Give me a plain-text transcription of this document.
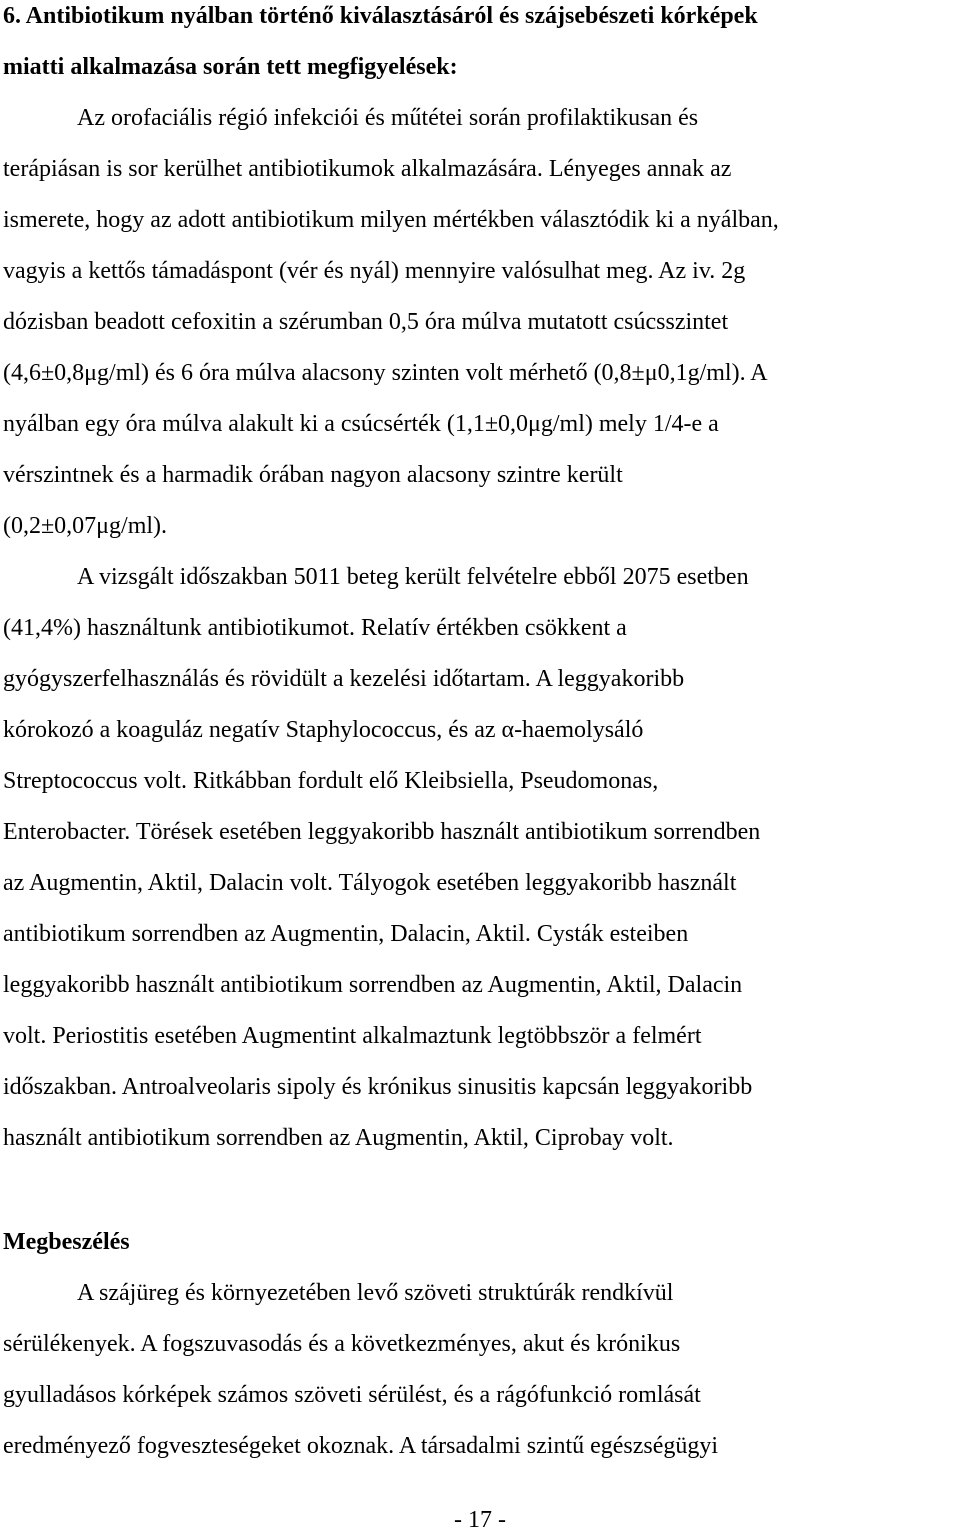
6. Antibiotikum nyálban történő kiválasztásáról és szájsebészeti kórképek
miatti alkalmazása során tett megfigyelések:
Az orofaciális régió infekciói és műtétei során profilaktikusan és
terápiásan is sor kerülhet antibiotikumok alkalmazására. Lényeges annak az
ismerete, hogy az adott antibiotikum milyen mértékben választódik ki a nyálban,
vagyis a kettős támadáspont (vér és nyál) mennyire valósulhat meg. Az iv. 2g
dózisban beadott cefoxitin a szérumban 0,5 óra múlva mutatott csúcsszintet
(4,6±0,8μg/ml) és 6 óra múlva alacsony szinten volt mérhető (0,8±μ0,1g/ml). A
nyálban egy óra múlva alakult ki a csúcsérték (1,1±0,0μg/ml) mely 1/4-e a
vérszintnek és a harmadik órában nagyon alacsony szintre került
(0,2±0,07μg/ml).
A vizsgált időszakban 5011 beteg került felvételre ebből 2075 esetben
(41,4%) használtunk antibiotikumot. Relatív értékben csökkent a
gyógyszerfelhasználás és rövidült a kezelési időtartam. A leggyakoribb
kórokozó a koaguláz negatív Staphylococcus, és az α-haemolysáló
Streptococcus volt. Ritkábban fordult elő Kleibsiella, Pseudomonas,
Enterobacter. Törések esetében leggyakoribb használt antibiotikum sorrendben
az Augmentin, Aktil, Dalacin volt. Tályogok esetében leggyakoribb használt
antibiotikum sorrendben az Augmentin, Dalacin, Aktil. Cysták esteiben
leggyakoribb használt antibiotikum sorrendben az Augmentin, Aktil, Dalacin
volt. Periostitis esetében Augmentint alkalmaztunk legtöbbször a felmért
időszakban. Antroalveolaris sipoly és krónikus sinusitis kapcsán leggyakoribb
használt antibiotikum sorrendben az Augmentin, Aktil, Ciprobay volt.
Megbeszélés
A szájüreg és környezetében levő szöveti struktúrák rendkívül
sérülékenyek. A fogszuvasodás és a következményes, akut és krónikus
gyulladásos kórképek számos szöveti sérülést, és a rágófunkció romlását
eredményező fogveszteségeket okoznak. A társadalmi szintű egészségügyi
- 17 -
